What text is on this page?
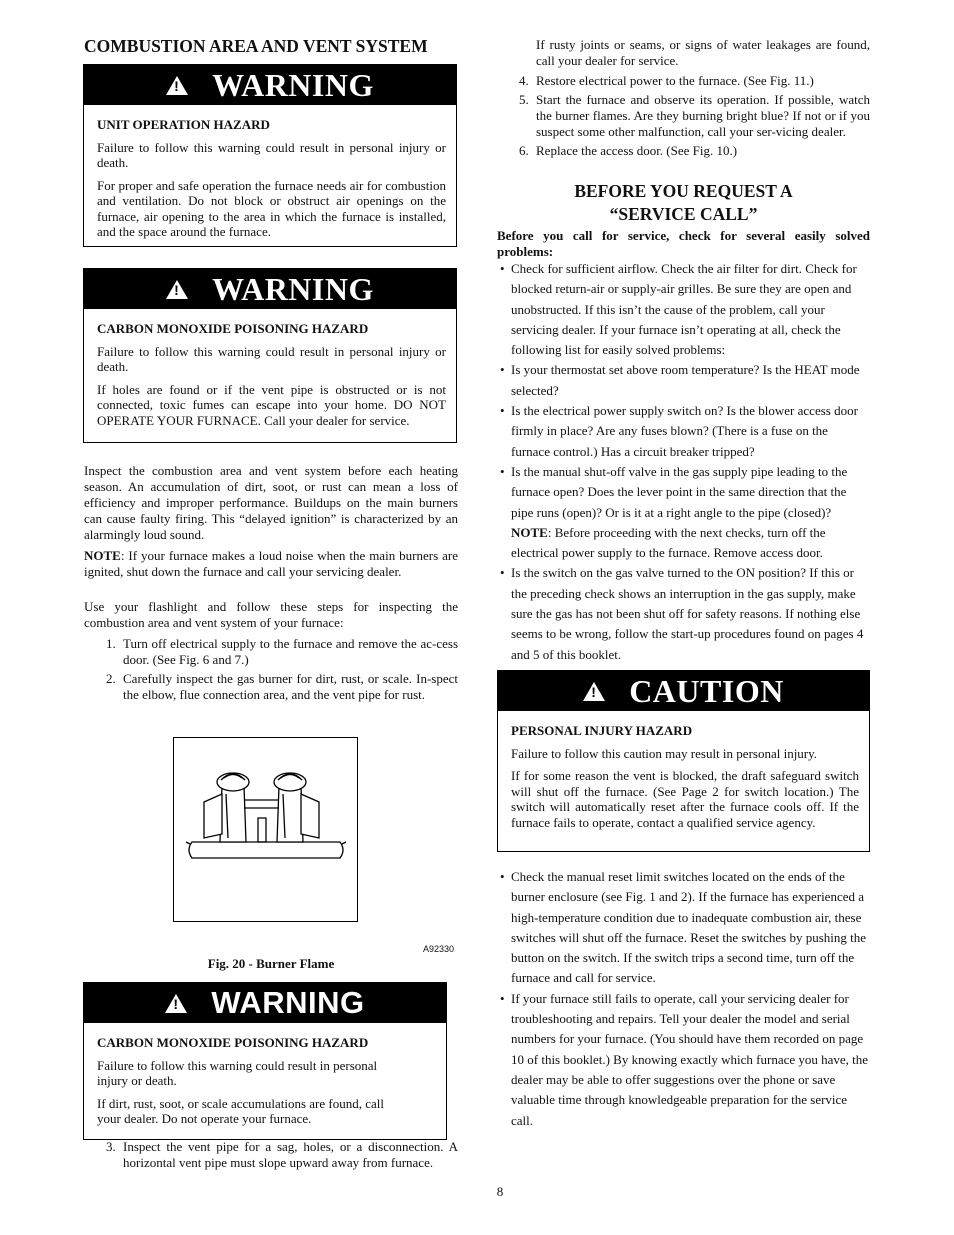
COMBUSTION AREA AND VENT SYSTEM
!
WARNING

UNIT OPERATION HAZARD

Failure to follow this warning could result in personal injury or death.

For proper and safe operation the furnace needs air for combustion and ventilation. Do not block or obstruct air openings on the furnace, air opening to the area in which the furnace is installed, and the space around the furnace.

!
WARNING

CARBON MONOXIDE POISONING HAZARD

Failure to follow this warning could result in personal injury or death.

If holes are found or if the vent pipe is obstructed or is not connected, toxic fumes can escape into your home. DO NOT OPERATE YOUR FURNACE. Call your dealer for service.

Inspect the combustion area and vent system before each heating season. An accumulation of dirt, soot, or rust can mean a loss of efficiency and improper performance. Buildups on the main burners can cause faulty firing. This “delayed ignition” is characterized by an alarmingly loud sound.

NOTE: If your furnace makes a loud noise when the main burners are ignited, shut down the furnace and call your servicing dealer.

Use your flashlight and follow these steps for inspecting the combustion area and vent system of your furnace:

1. Turn off electrical supply to the furnace and remove the ac-cess door. (See Fig. 6 and 7.)
2. Carefully inspect the gas burner for dirt, rust, or scale. In-spect the elbow, flue connection area, and the vent pipe for rust.
A92330
Fig. 20 - Burner Flame
!
WARNING

CARBON MONOXIDE POISONING HAZARD

Failure to follow this warning could result in personal injury or death.

If dirt, rust, soot, or scale accumulations are found, call your dealer. Do not operate your furnace.

3. Inspect the vent pipe for a sag, holes, or a disconnection. A horizontal vent pipe must slope upward away from furnace.

If rusty joints or seams, or signs of water leakages are found, call your dealer for service.

4. Restore electrical power to the furnace. (See Fig. 11.)
5. Start the furnace and observe its operation. If possible, watch the burner flames. Are they burning bright blue? If not or if you suspect some other malfunction, call your ser-vicing dealer.
6. Replace the access door. (See Fig. 10.)
BEFORE YOU REQUEST A
“SERVICE CALL”

Before you call for service, check for several easily solved problems:

• Check for sufficient airflow. Check the air filter for dirt. Check for blocked return-air or supply-air grilles. Be sure they are open and unobstructed. If this isn’t the cause of the problem, call your servicing dealer. If your furnace isn’t operating at all, check the following list for easily solved problems:
• Is your thermostat set above room temperature? Is the HEAT mode selected?
• Is the electrical power supply switch on? Is the blower access door firmly in place? Are any fuses blown? (There is a fuse on the furnace control.) Has a circuit breaker tripped?
• Is the manual shut-off valve in the gas supply pipe leading to the furnace open? Does the lever point in the same direction that the pipe runs (open)? Or is it at a right angle to the pipe (closed)?
NOTE: Before proceeding with the next checks, turn off the electrical power supply to the furnace. Remove access door.
• Is the switch on the gas valve turned to the ON position? If this or the preceding check shows an interruption in the gas supply, make sure the gas has not been shut off for safety reasons. If nothing else seems to be wrong, follow the start-up procedures found on pages 4 and 5 of this booklet.
!
CAUTION

PERSONAL INJURY HAZARD

Failure to follow this caution may result in personal injury.

If for some reason the vent is blocked, the draft safeguard switch will shut off the furnace. (See Page 2 for switch location.) The switch will automatically reset after the furnace cools off. If the furnace fails to operate, contact a qualified service agency.

• Check the manual reset limit switches located on the ends of the burner enclosure (see Fig. 1 and 2). If the furnace has experienced a high-temperature condition due to inadequate combustion air, these switches will shut off the furnace. Reset the switches by pushing the button on the switch. If the switch trips a second time, turn off the furnace and call for service.
• If your furnace still fails to operate, call your servicing dealer for troubleshooting and repairs. Tell your dealer the model and serial numbers for your furnace. (You should have them recorded on page 10 of this booklet.) By knowing exactly which furnace you have, the dealer may be able to offer suggestions over the phone or save valuable time through knowledgeable preparation for the service call.
8
